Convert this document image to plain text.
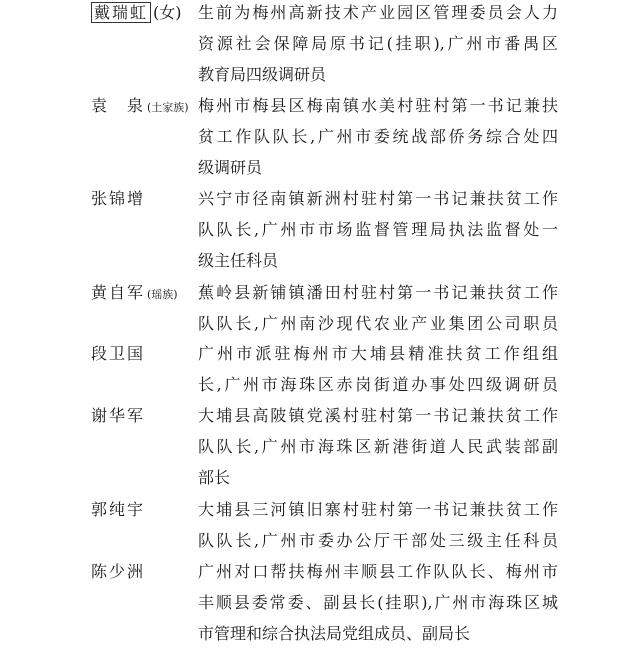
戴瑞虹 (女) 生前为梅州高新技术产业园区管理委员会人力
资源社会保障局原书记(挂职),广州市番禺区
教育局四级调研员
袁　泉 (土家族) 梅州市梅县区梅南镇水美村驻村第一书记兼扶
贫工作队队长,广州市委统战部侨务综合处四
级调研员
张锦增	兴宁市径南镇新洲村驻村第一书记兼扶贫工作
队队长,广州市市场监督管理局执法监督处一
级主任科员
黄自军 (瑶族) 蕉岭县新铺镇潘田村驻村第一书记兼扶贫工作
队队长,广州南沙现代农业产业集团公司职员
段卫国	广州市派驻梅州市大埔县精准扶贫工作组组
长,广州市海珠区赤岗街道办事处四级调研员
谢华军	大埔县高陂镇党溪村驻村第一书记兼扶贫工作
队队长,广州市海珠区新港街道人民武装部副
部长
郭纯宇	大埔县三河镇旧寨村驻村第一书记兼扶贫工作
队队长,广州市委办公厅干部处三级主任科员
陈少洲	广州对口帮扶梅州丰顺县工作队队长、梅州市
丰顺县委常委、副县长(挂职),广州市海珠区城
市管理和综合执法局党组成员、副局长
